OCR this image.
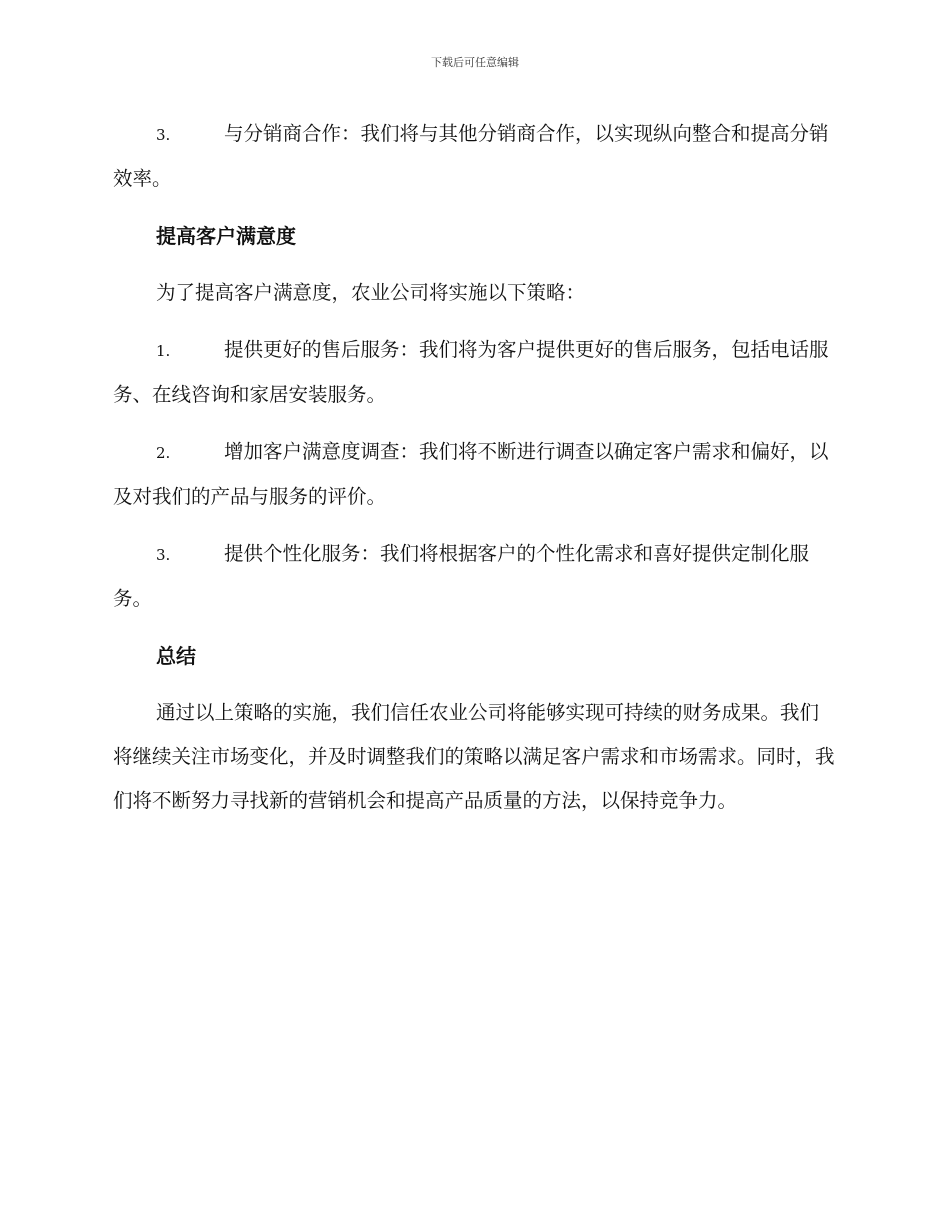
下载后可任意编辑

3.	与分销商合作：我们将与其他分销商合作，以实现纵向整合和提高分销效率。

提高客户满意度

为了提高客户满意度，农业公司将实施以下策略：

1.	提供更好的售后服务：我们将为客户提供更好的售后服务，包括电话服务、在线咨询和家居安装服务。

2.	增加客户满意度调查：我们将不断进行调查以确定客户需求和偏好，以及对我们的产品与服务的评价。

3.	提供个性化服务：我们将根据客户的个性化需求和喜好提供定制化服务。

总结

通过以上策略的实施，我们信任农业公司将能够实现可持续的财务成果。我们将继续关注市场变化，并及时调整我们的策略以满足客户需求和市场需求。同时，我们将不断努力寻找新的营销机会和提高产品质量的方法，以保持竞争力。
